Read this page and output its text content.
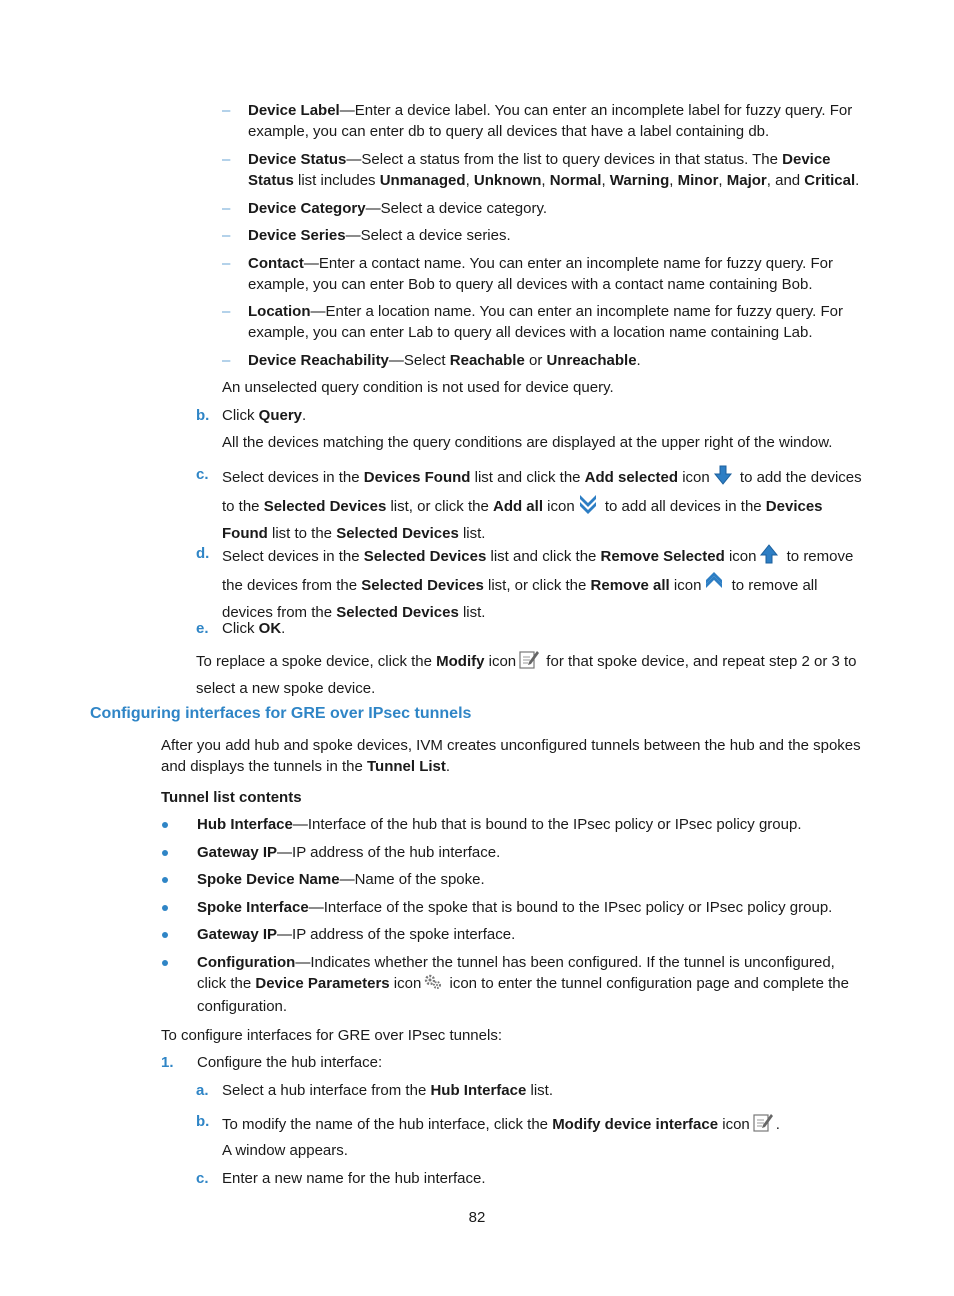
– Device Label—Enter a device label. You can enter an incomplete label for fuzzy query. For example, you can enter db to query all devices that have a label containing db.
– Device Status—Select a status from the list to query devices in that status. The Device Status list includes Unmanaged, Unknown, Normal, Warning, Minor, Major, and Critical.
– Device Category—Select a device category.
– Device Series—Select a device series.
– Contact—Enter a contact name. You can enter an incomplete name for fuzzy query. For example, you can enter Bob to query all devices with a contact name containing Bob.
– Location—Enter a location name. You can enter an incomplete name for fuzzy query. For example, you can enter Lab to query all devices with a location name containing Lab.
– Device Reachability—Select Reachable or Unreachable.
An unselected query condition is not used for device query.
b. Click Query.
All the devices matching the query conditions are displayed at the upper right of the window.
c. Select devices in the Devices Found list and click the Add selected icon to add the devices to the Selected Devices list, or click the Add all icon to add all devices in the Devices Found list to the Selected Devices list.
d. Select devices in the Selected Devices list and click the Remove Selected icon to remove the devices from the Selected Devices list, or click the Remove all icon to remove all devices from the Selected Devices list.
e. Click OK.
To replace a spoke device, click the Modify icon for that spoke device, and repeat step 2 or 3 to select a new spoke device.
Configuring interfaces for GRE over IPsec tunnels
After you add hub and spoke devices, IVM creates unconfigured tunnels between the hub and the spokes and displays the tunnels in the Tunnel List.
Tunnel list contents
Hub Interface—Interface of the hub that is bound to the IPsec policy or IPsec policy group.
Gateway IP—IP address of the hub interface.
Spoke Device Name—Name of the spoke.
Spoke Interface—Interface of the spoke that is bound to the IPsec policy or IPsec policy group.
Gateway IP—IP address of the spoke interface.
Configuration—Indicates whether the tunnel has been configured. If the tunnel is unconfigured, click the Device Parameters icon icon to enter the tunnel configuration page and complete the configuration.
To configure interfaces for GRE over IPsec tunnels:
1. Configure the hub interface:
a. Select a hub interface from the Hub Interface list.
b. To modify the name of the hub interface, click the Modify device interface icon .
A window appears.
c. Enter a new name for the hub interface.
82
